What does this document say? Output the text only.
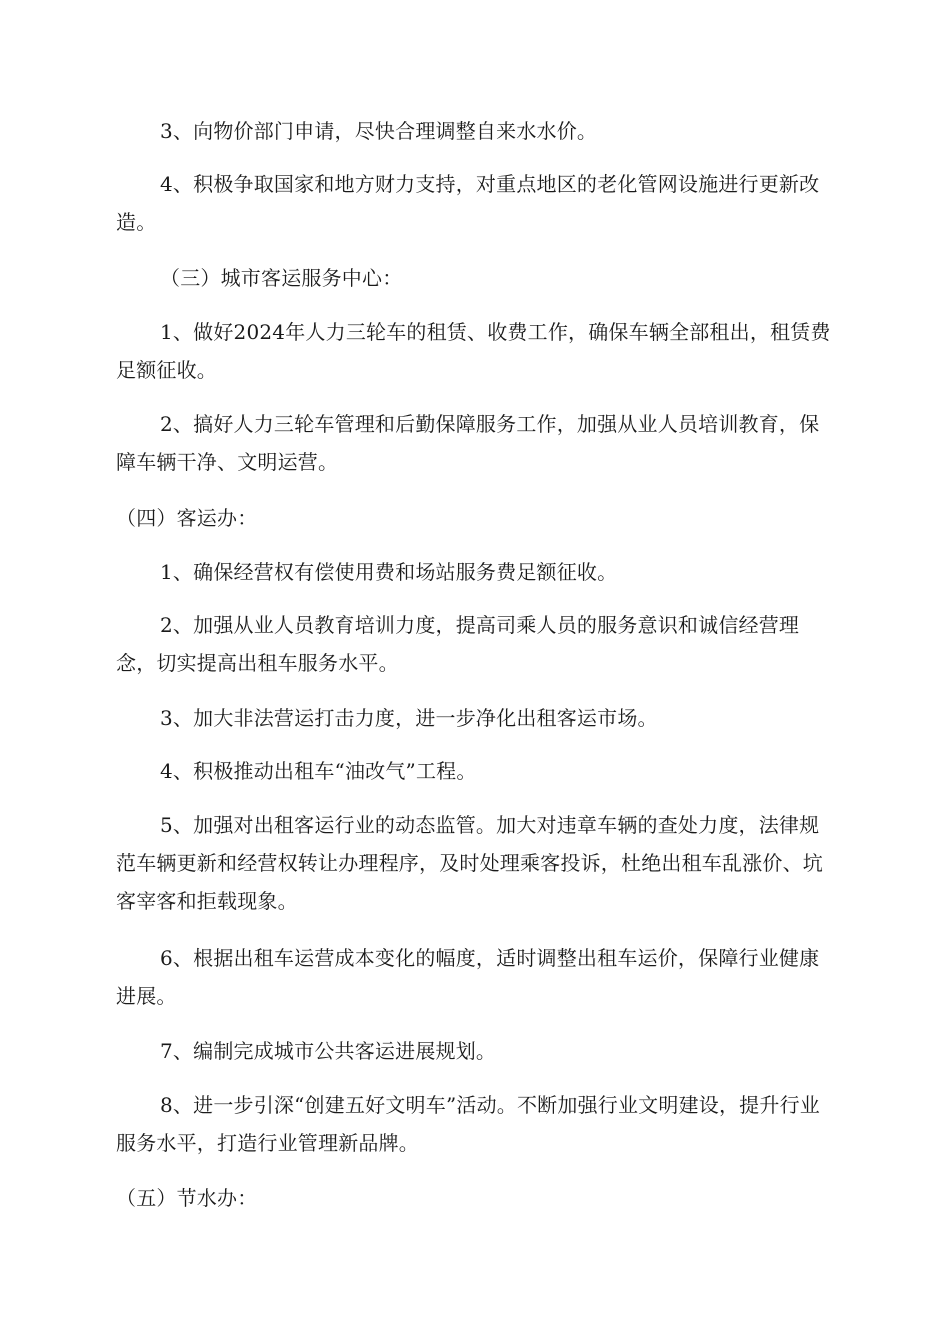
3、向物价部门申请，尽快合理调整自来水水价。

4、积极争取国家和地方财力支持，对重点地区的老化管网设施进行更新改造。

（三）城市客运服务中心：

1、做好2024年人力三轮车的租赁、收费工作，确保车辆全部租出，租赁费足额征收。

2、搞好人力三轮车管理和后勤保障服务工作，加强从业人员培训教育，保障车辆干净、文明运营。

（四）客运办：

1、确保经营权有偿使用费和场站服务费足额征收。

2、加强从业人员教育培训力度，提高司乘人员的服务意识和诚信经营理念，切实提高出租车服务水平。

3、加大非法营运打击力度，进一步净化出租客运市场。

4、积极推动出租车“油改气”工程。

5、加强对出租客运行业的动态监管。加大对违章车辆的查处力度，法律规范车辆更新和经营权转让办理程序，及时处理乘客投诉，杜绝出租车乱涨价、坑客宰客和拒载现象。

6、根据出租车运营成本变化的幅度，适时调整出租车运价，保障行业健康进展。

7、编制完成城市公共客运进展规划。

8、进一步引深“创建五好文明车”活动。不断加强行业文明建设，提升行业服务水平，打造行业管理新品牌。

（五）节水办：
